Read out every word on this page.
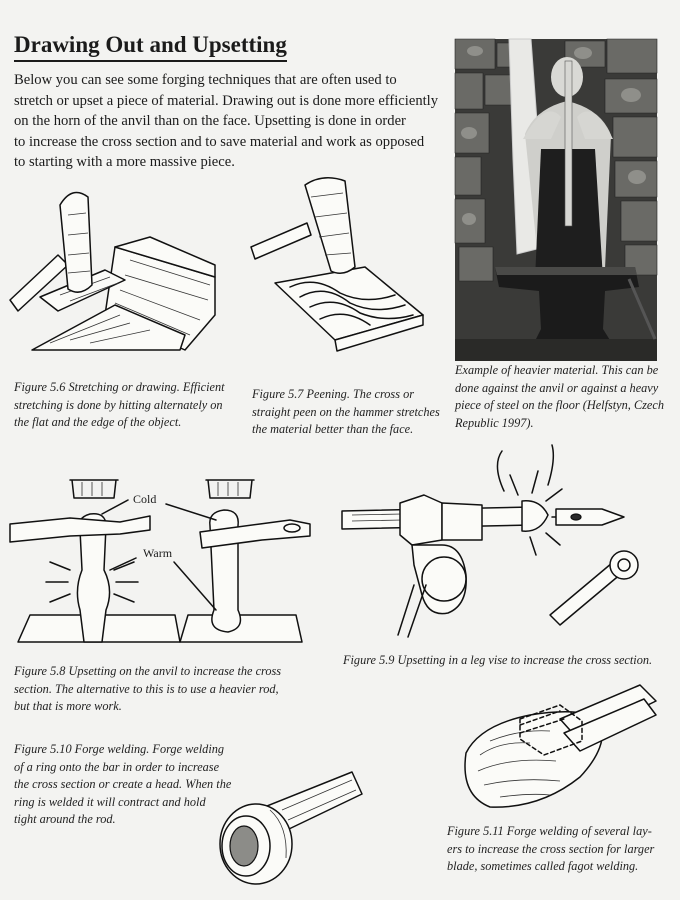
Drawing Out and Upsetting
Below you can see some forging techniques that are often used to
stretch or upset a piece of material. Drawing out is done more efficiently
on the horn of the anvil than on the face. Upsetting is done in order
to increase the cross section and to save material and work as opposed
to starting with a more massive piece.
Example of heavier material. This can be
done against the anvil or against a heavy
piece of steel on the floor (Helfstyn, Czech
Republic 1997).
Figure 5.6 Stretching or drawing. Efficient
stretching is done by hitting alternately on
the flat and the edge of the object.
Figure 5.7 Peening. The cross or
straight peen on the hammer stretches
the material better than the face.
Cold
Warm
Figure 5.8 Upsetting on the anvil to increase the cross
section. The alternative to this is to use a heavier rod,
but that is more work.
Figure 5.9 Upsetting in a leg vise to increase the cross section.
Figure 5.10 Forge welding. Forge welding
of a ring onto the bar in order to increase
the cross section or create a head. When the
ring is welded it will contract and hold
tight around the rod.
Figure 5.11 Forge welding of several lay-
ers to increase the cross section for larger
blade, sometimes called fagot welding.
